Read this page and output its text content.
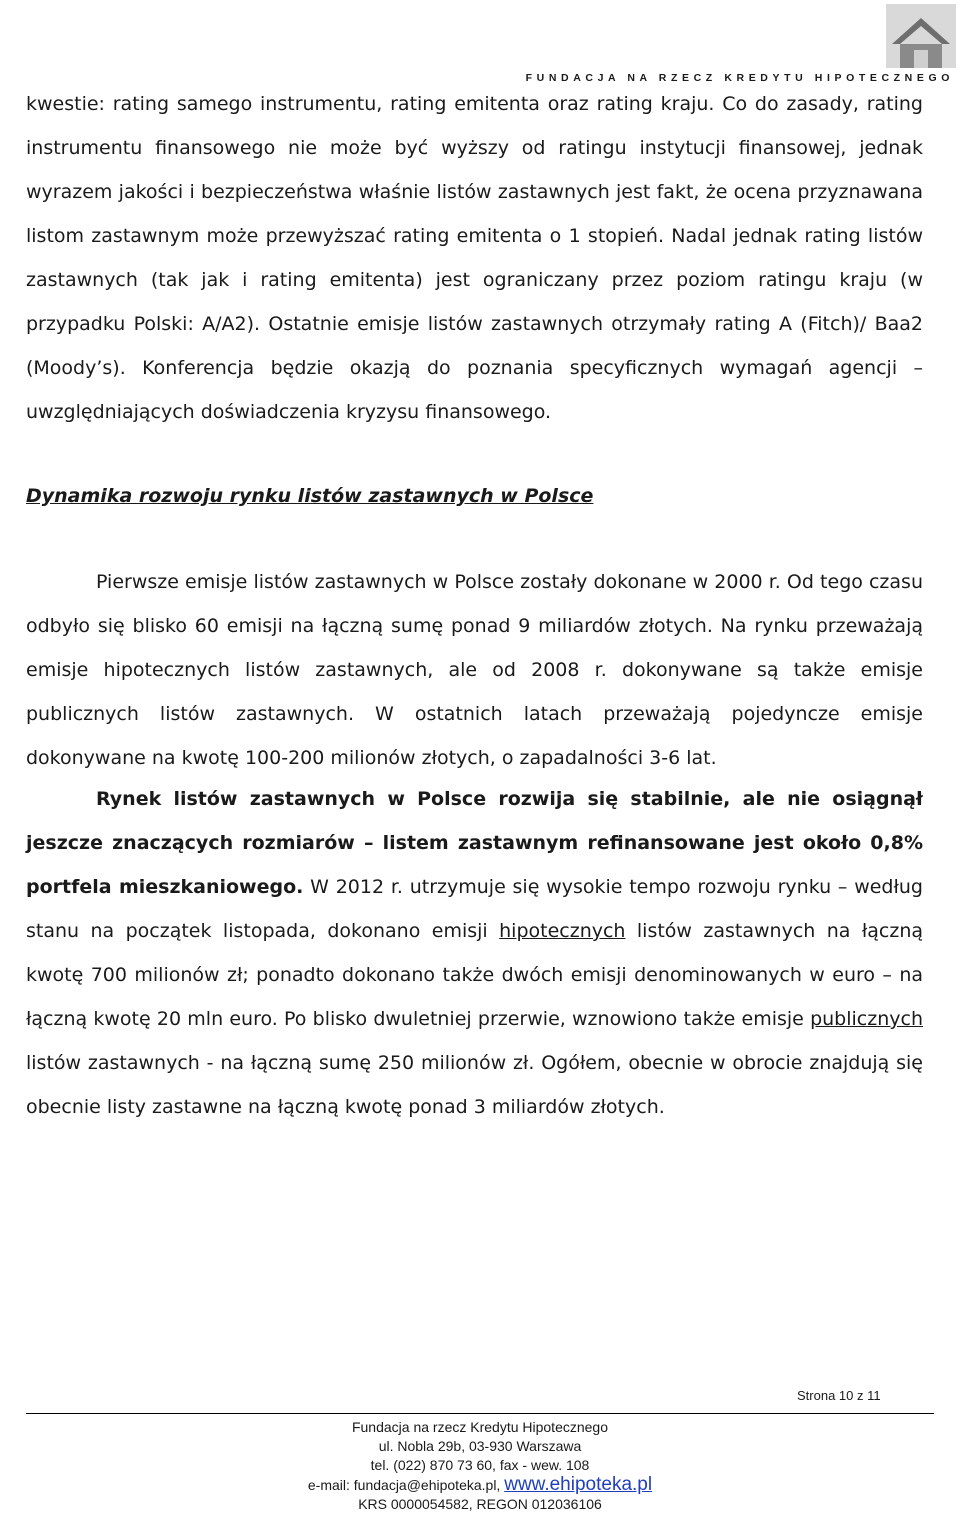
FUNDACJA NA RZECZ KREDYTU HIPOTECZNEGO
kwestie: rating samego instrumentu, rating emitenta oraz rating kraju. Co do zasady, rating instrumentu finansowego nie może być wyższy od ratingu instytucji finansowej, jednak wyrazem jakości i bezpieczeństwa właśnie listów zastawnych jest fakt, że ocena przyznawana listom zastawnym może przewyższać rating emitenta o 1 stopień. Nadal jednak rating listów zastawnych (tak jak i rating emitenta) jest ograniczany przez poziom ratingu kraju (w przypadku Polski: A/A2). Ostatnie emisje listów zastawnych otrzymały rating A (Fitch)/ Baa2 (Moody’s). Konferencja będzie okazją do poznania specyficznych wymagań agencji – uwzględniających doświadczenia kryzysu finansowego.
Dynamika rozwoju rynku listów zastawnych w Polsce
Pierwsze emisje listów zastawnych w Polsce zostały dokonane w 2000 r. Od tego czasu odbyło się blisko 60 emisji na łączną sumę ponad 9 miliardów złotych. Na rynku przeważają emisje hipotecznych listów zastawnych, ale od 2008 r. dokonywane są także emisje publicznych listów zastawnych. W ostatnich latach przeważają pojedyncze emisje dokonywane na kwotę 100-200 milionów złotych, o zapadalności 3-6 lat.
Rynek listów zastawnych w Polsce rozwija się stabilnie, ale nie osiągnął jeszcze znaczących rozmiarów – listem zastawnym refinansowane jest około 0,8% portfela mieszkaniowego. W 2012 r. utrzymuje się wysokie tempo rozwoju rynku – według stanu na początek listopada, dokonano emisji hipotecznych listów zastawnych na łączną kwotę 700 milionów zł; ponadto dokonano także dwóch emisji denominowanych w euro – na łączną kwotę 20 mln euro. Po blisko dwuletniej przerwie, wznowiono także emisje publicznych listów zastawnych - na łączną sumę 250 milionów zł. Ogółem, obecnie w obrocie znajdują się obecnie listy zastawne na łączną kwotę ponad 3 miliardów złotych.
Strona 10 z 11
Fundacja na rzecz Kredytu Hipotecznego
ul. Nobla 29b, 03-930 Warszawa
tel. (022) 870 73 60, fax - wew. 108
e-mail: fundacja@ehipoteka.pl, www.ehipoteka.pl
KRS 0000054582, REGON 012036106
